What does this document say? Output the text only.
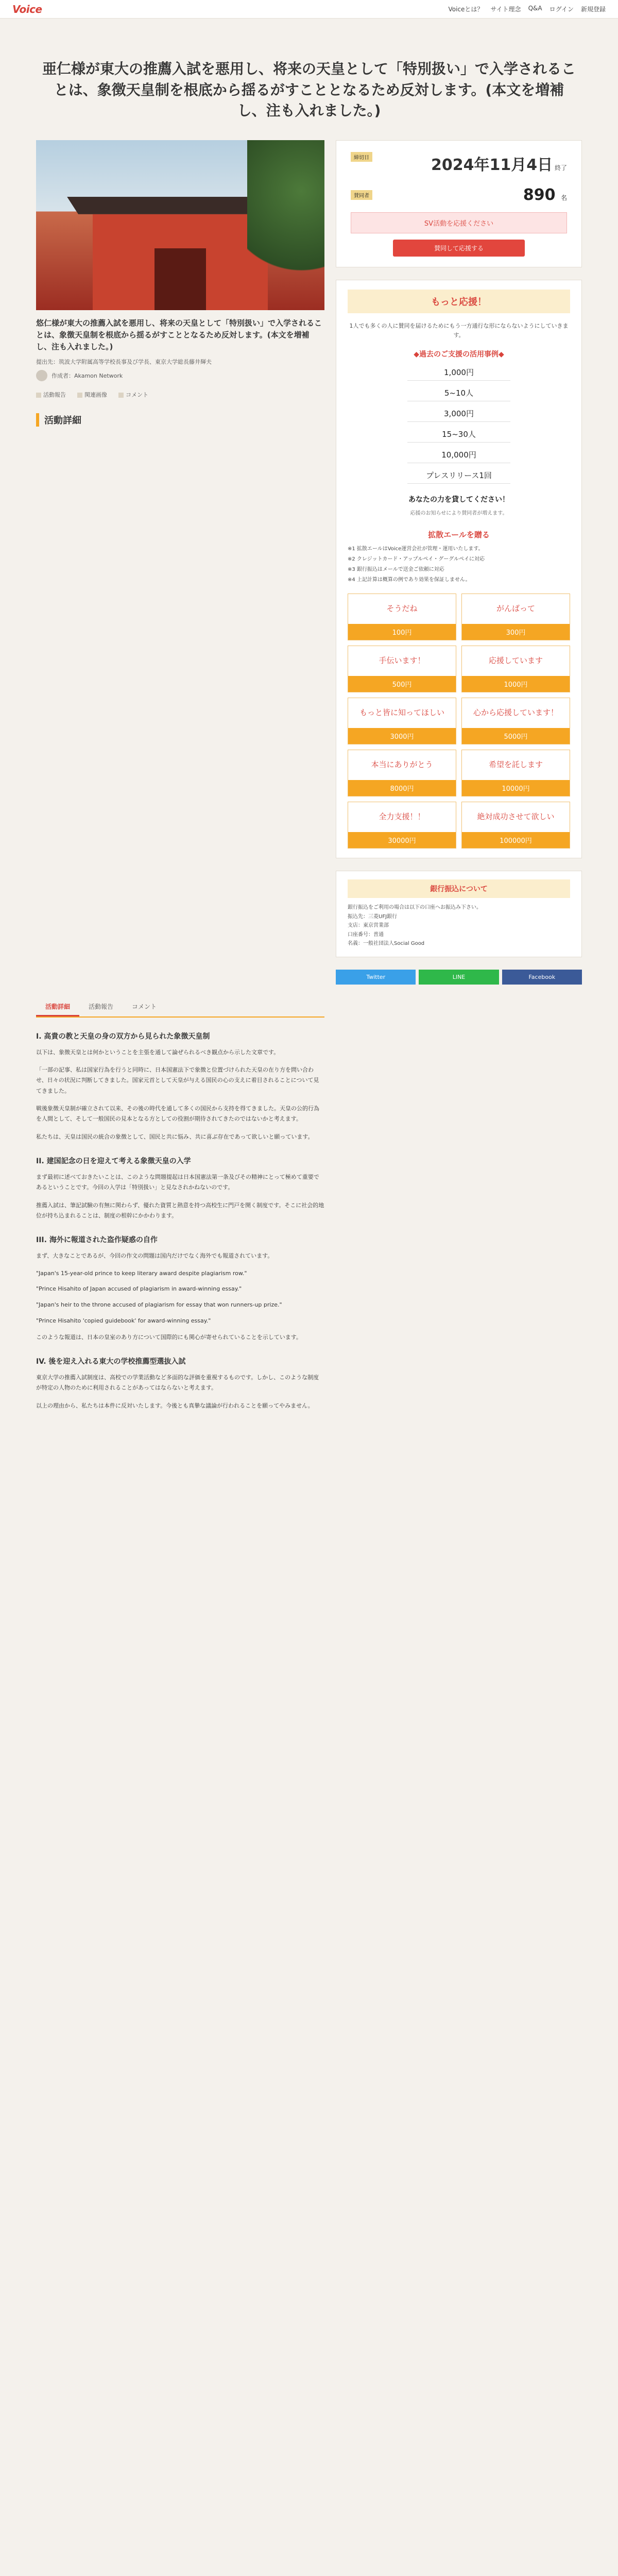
Voice	Voiceとは？ サイト理念 Q&A ログイン 新規登録
亜仁様が東大の推薦入試を悪用し、将来の天皇として「特別扱い」で入学されることは、象徴天皇制を根底から揺るがすこととなるため反対します。(本文を増補し、注も入れました。)
悠仁様が東大の推薦入試を悪用し、将来の天皇として「特別扱い」で入学されることは、象徴天皇制を根底から揺るがすこととなるため反対します。(本文を増補し、注も入れました。)
提出先：筑波大学附属高等学校長事及び学長、東京大学総長藤井輝夫
作成者：Akamon Network
活動報告	関連画像	コメント
活動詳細
締切日	2024年11月4日 終了
賛同者	890 名
SV活動を応援ください
賛同して応援する
もっと応援！
1人でも多くの人に賛同を届けるためにもう一方通行な形にならないようにしていきます。
◆過去のご支援の活用事例◆
1,000円
5~10人
3,000円
15~30人
10,000円
プレスリリース1回
あなたの力を貸してください！
応援のお知らせにより賛同者が増えます。
拡散エールを贈る
※1 拡散エールはVoice運営会社が管理・運用いたします。
※2 クレジットカード・アップルペイ・グーグルペイに対応
※3 銀行振込はメールで送金ご依頼に対応
※4 上記計算は概算の例であり効果を保証しません。
そうだね
100円
がんばって
300円
手伝います！
500円
応援しています
1000円
もっと皆に知ってほしい
3000円
心から応援しています！
5000円
本当にありがとう
8000円
希望を託します
10000円
全力支援！！
30000円
絶対成功させて欲しい
100000円
銀行振込について

銀行振込をご利用の場合は以下の口座へお振込み下さい。

振込先：三菱UFJ銀行

支店：東京営業部

口座番号：普通

名義：一般社団法人Social Good

Twitter	LINE	Facebook
活動詳細	活動報告	コメント
I. 高貴の教と天皇の身の双方から見られた象徴天皇制

以下は、象徴天皇とは何かということを主張を通して論ぜられるべき観点から示した文章です。

「一部の記事、私は国家行為を行うと同時に、日本国憲法下で象徴と位置づけられた天皇の在り方を問い合わせ、日々の状況に判断してきました。国家元首として天皇が与える国民の心の支えに着目されることについて見てきました。

戦後象徴天皇制が確立されて以来、その後の時代を通して多くの国民から支持を得てきました。天皇の公的行為を人間として、そして一般国民の見本となる方としての役割が期待されてきたのではないかと考えます。

私たちは、天皇は国民の統合の象徴として、国民と共に悩み、共に喜ぶ存在であって欲しいと願っています。

II. 建国記念の日を迎えて考える象徴天皇の入学

まず最初に述べておきたいことは、このような問題提起は日本国憲法第一条及びその精神にとって極めて重要であるということです。今回の入学は「特別扱い」と見なされかねないのです。

推薦入試は、筆記試験の有無に関わらず、優れた資質と熱意を持つ高校生に門戸を開く制度です。そこに社会的地位が持ち込まれることは、制度の根幹にかかわります。

III. 海外に報道された盗作疑惑の自作

まず、大きなことであるが、今回の作文の問題は国内だけでなく海外でも報道されています。

"Japan's 15-year-old prince to keep literary award despite plagiarism row."

"Prince Hisahito of Japan accused of plagiarism in award-winning essay."

"Japan's heir to the throne accused of plagiarism for essay that won runners-up prize."

"Prince Hisahito 'copied guidebook' for award-winning essay."

このような報道は、日本の皇室のあり方について国際的にも関心が寄せられていることを示しています。

IV. 後を迎え入れる東大の学校推薦型選抜入試

東京大学の推薦入試制度は、高校での学業活動など多面的な評価を重視するものです。しかし、このような制度が特定の人物のために利用されることがあってはならないと考えます。

以上の理由から、私たちは本件に反対いたします。今後とも真摯な議論が行われることを願ってやみません。
